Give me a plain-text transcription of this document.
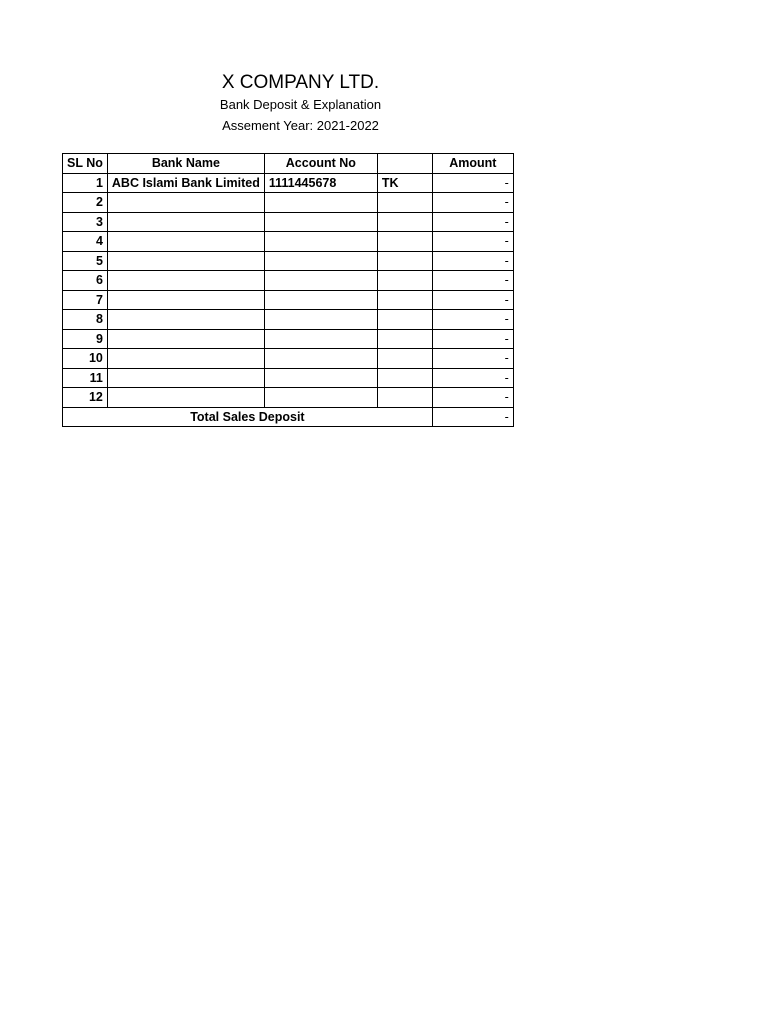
X COMPANY LTD.
Bank Deposit & Explanation
Assement Year: 2021-2022
SL No	Bank Name	Account No		Amount
1	ABC Islami Bank Limited	1111445678	TK	-
2				-
3				-
4				-
5				-
6				-
7				-
8				-
9				-
10				-
11				-
12				-
Total Sales Deposit				-
